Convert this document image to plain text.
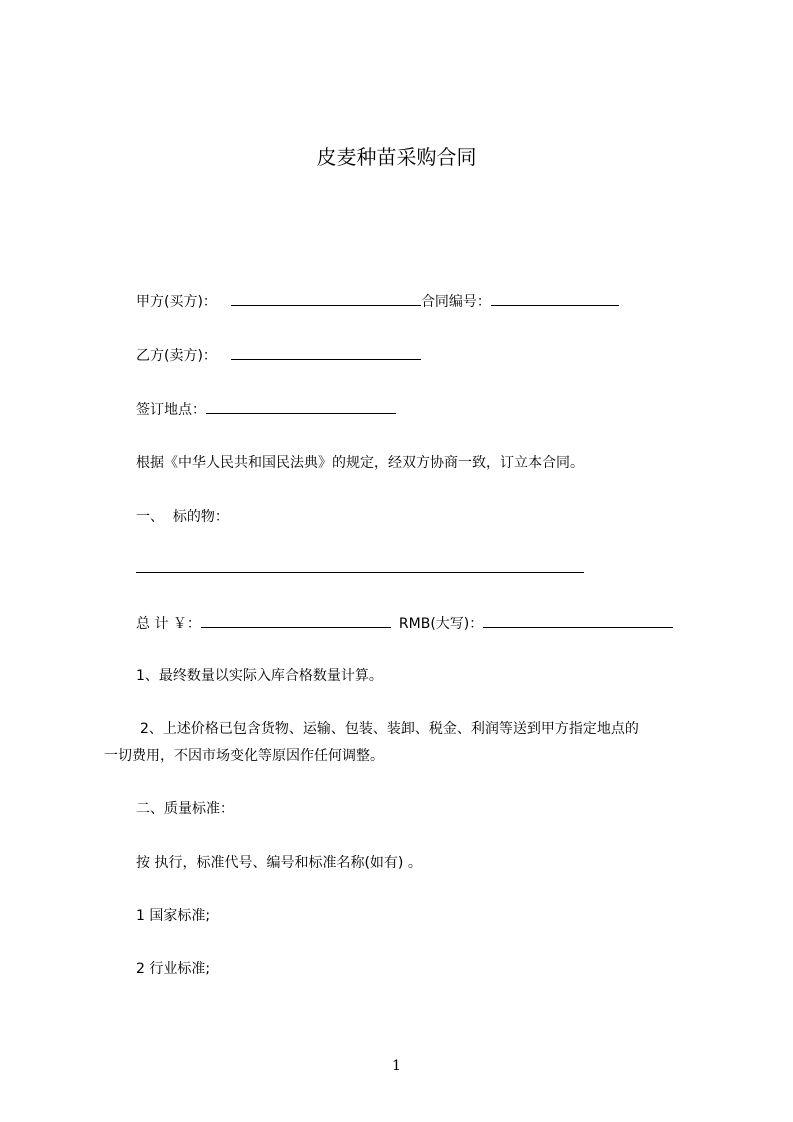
皮麦种苗采购合同
甲方(买方)：	合同编号：
乙方(卖方)：
签订地点：
根据《中华人民共和国民法典》的规定，经双方协商一致，订立本合同。
一、  标的物：
总 计 ￥：	RMB(大写)：
1、最终数量以实际入库合格数量计算。
2、上述价格已包含货物、运输、包装、装卸、税金、利润等送到甲方指定地点的
一切费用，不因市场变化等原因作任何调整。
二、质量标准：
按 执行，标准代号、编号和标准名称(如有) 。
1 国家标准;
2 行业标准;
1
